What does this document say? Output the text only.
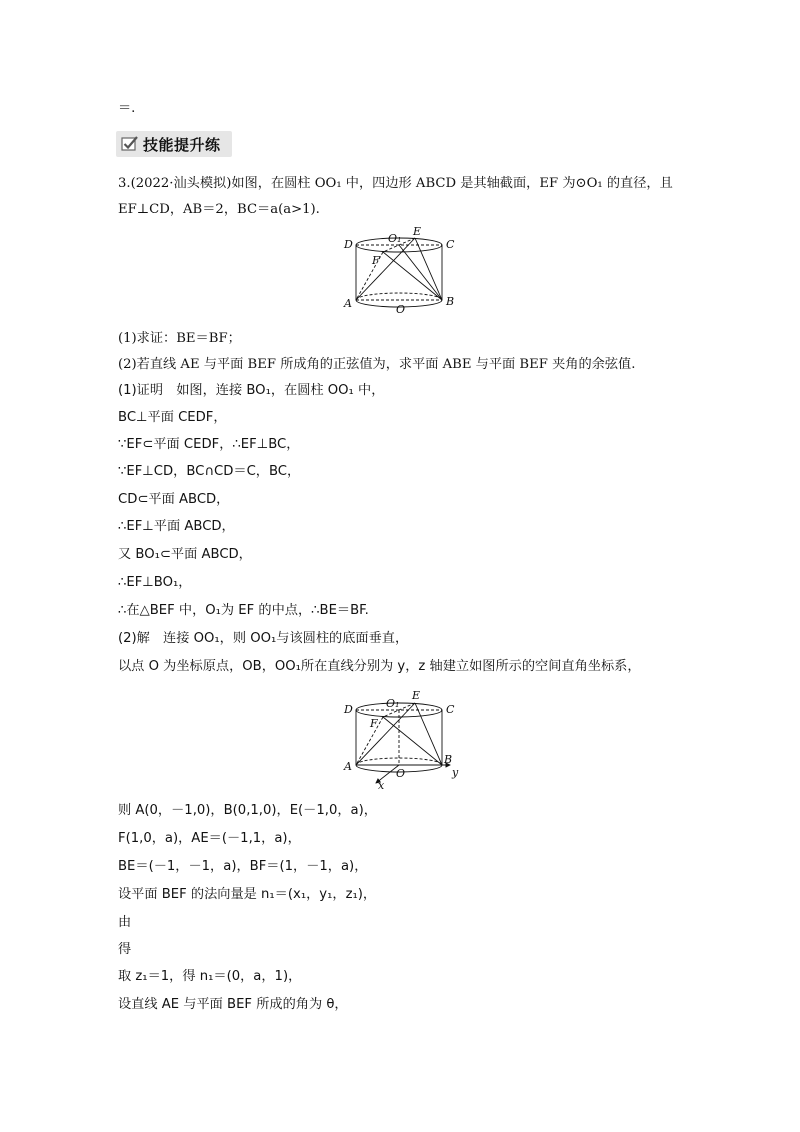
＝.
技能提升练
3.(2022·汕头模拟)如图，在圆柱 OO₁ 中，四边形 ABCD 是其轴截面，EF 为⊙O₁ 的直径，且
EF⊥CD，AB＝2，BC＝a(a>1).
D	C
E
O₁
F
A	B
O
(1)求证：BE＝BF；
(2)若直线 AE 与平面 BEF 所成角的正弦值为，求平面 ABE 与平面 BEF 夹角的余弦值.
(1)证明　如图，连接 BO₁，在圆柱 OO₁ 中，
BC⊥平面 CEDF，
∵EF⊂平面 CEDF，∴EF⊥BC，
∵EF⊥CD，BC∩CD＝C，BC，
CD⊂平面 ABCD，
∴EF⊥平面 ABCD，
又 BO₁⊂平面 ABCD，
∴EF⊥BO₁，
∴在△BEF 中，O₁为 EF 的中点，∴BE＝BF.
(2)解　连接 OO₁，则 OO₁与该圆柱的底面垂直，
以点 O 为坐标原点，OB，OO₁所在直线分别为 y，z 轴建立如图所示的空间直角坐标系，
D	C
E
O₁
F
A
B
O
x
y
则 A(0，－1,0)，B(0,1,0)，E(－1,0，a)，
F(1,0，a)，AE＝(－1,1，a)，
BE＝(－1，－1，a)，BF＝(1，－1，a)，
设平面 BEF 的法向量是 n₁＝(x₁，y₁，z₁)，
由
得
取 z₁＝1，得 n₁＝(0，a，1)，
设直线 AE 与平面 BEF 所成的角为 θ，
